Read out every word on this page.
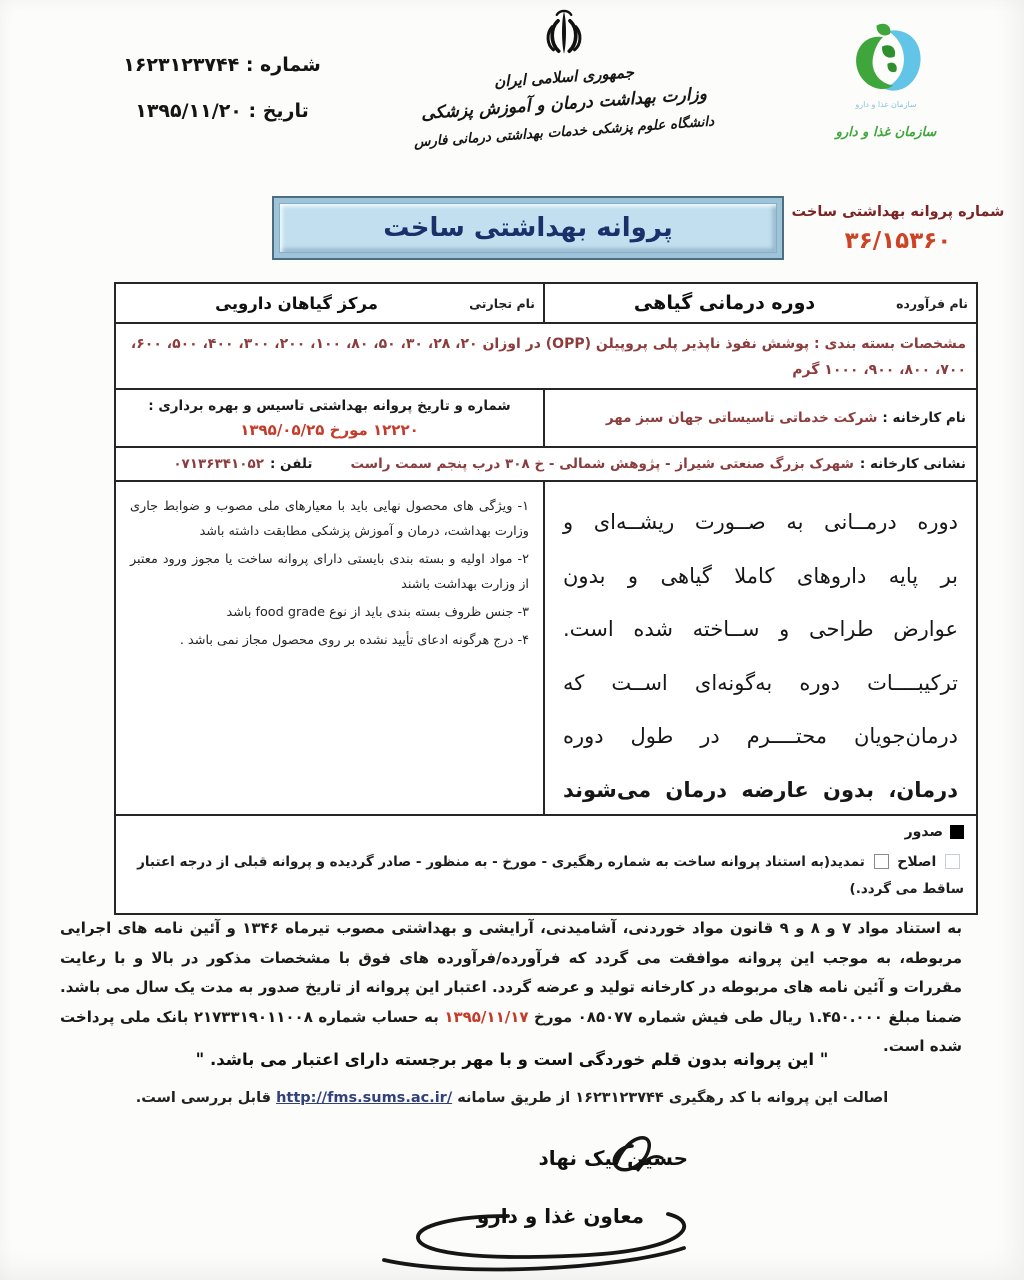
شماره : ۱۶۲۳۱۲۳۷۴۴
تاریخ : ۱۳۹۵/۱۱/۲۰
جمهوری اسلامی ایران
وزارت بهداشت درمان و آموزش پزشکی
دانشگاه علوم پزشکی خدمات بهداشتی درمانی فارس
سازمان غذا و دارو
سازمان غذا و دارو
پروانه بهداشتی ساخت
شماره پروانه بهداشتی ساخت
۳۶/۱۵۳۶۰
نام فرآورده
دوره درمانی گیاهی
نام تجارتی
مرکز گیاهان دارویی
مشخصات بسته بندی : پوشش نفوذ ناپذیر پلی پروپیلن (OPP) در اوزان ۲۰، ۲۸، ۳۰، ۵۰، ۸۰، ۱۰۰، ۲۰۰، ۳۰۰، ۴۰۰، ۵۰۰، ۶۰۰، ۷۰۰، ۸۰۰، ۹۰۰، ۱۰۰۰ گرم
نام کارخانه :
شرکت خدماتی تاسیساتی جهان سبز مهر
شماره و تاریخ پروانه بهداشتی تاسیس و بهره برداری :
۱۲۲۲۰ مورخ ۱۳۹۵/۰۵/۲۵
نشانی کارخانه :
شهرک بزرگ صنعتی شیراز - پژوهش شمالی - خ ۳۰۸ درب پنجم سمت راست
تلفن :
۰۷۱۳۶۳۴۱۰۵۲
دوره درمــانی به صــورت ریشــه‌ای و
بر پایه داروهای کاملا گیاهی و بدون
عوارض طراحی و ســاخته شده است.
ترکیبــــات دوره به‌گونه‌ای اســت که
درمان‌جویان محتــــرم در طول دوره
درمان، بدون عارضه درمان می‌شوند
۱- ویژگی های محصول نهایی باید با معیارهای ملی مصوب و ضوابط جاری وزارت بهداشت، درمان و آموزش پزشکی مطابقت داشته باشد
۲- مواد اولیه و بسته بندی بایستی دارای پروانه ساخت یا مجوز ورود معتبر از وزارت بهداشت باشند
۳- جنس ظروف بسته بندی باید از نوع food grade باشد
۴- درج هرگونه ادعای تأیید نشده بر روی محصول مجاز نمی باشد .
صدور
اصلاح  تمدید(به استناد پروانه ساخت به شماره رهگیری - مورخ - به منظور - صادر گردیده و پروانه قبلی از درجه اعتبار ساقط می گردد.)
به استناد مواد ۷ و ۸ و ۹ قانون مواد خوردنی، آشامیدنی، آرایشی و بهداشتی مصوب تیرماه ۱۳۴۶ و آئین نامه های اجرایی مربوطه، به موجب این پروانه موافقت می گردد که فرآورده/فرآورده های فوق با مشخصات مذکور در بالا و با رعایت مقررات و آئین نامه های مربوطه در کارخانه تولید و عرضه گردد. اعتبار این پروانه از تاریخ صدور به مدت یک سال می باشد. ضمنا مبلغ ۱.۴۵۰.۰۰۰ ریال طی فیش شماره ۰۸۵۰۷۷ مورخ ۱۳۹۵/۱۱/۱۷ به حساب شماره ۲۱۷۳۳۱۹۰۱۱۰۰۸ بانک ملی پرداخت شده است.
" این پروانه بدون قلم خوردگی است و با مهر برجسته دارای اعتبار می باشد. "
اصالت این پروانه با کد رهگیری ۱۶۲۳۱۲۳۷۴۴ از طریق سامانه http://fms.sums.ac.ir/ قابل بررسی است.
حسین نیک نهاد
معاون غذا و دارو
